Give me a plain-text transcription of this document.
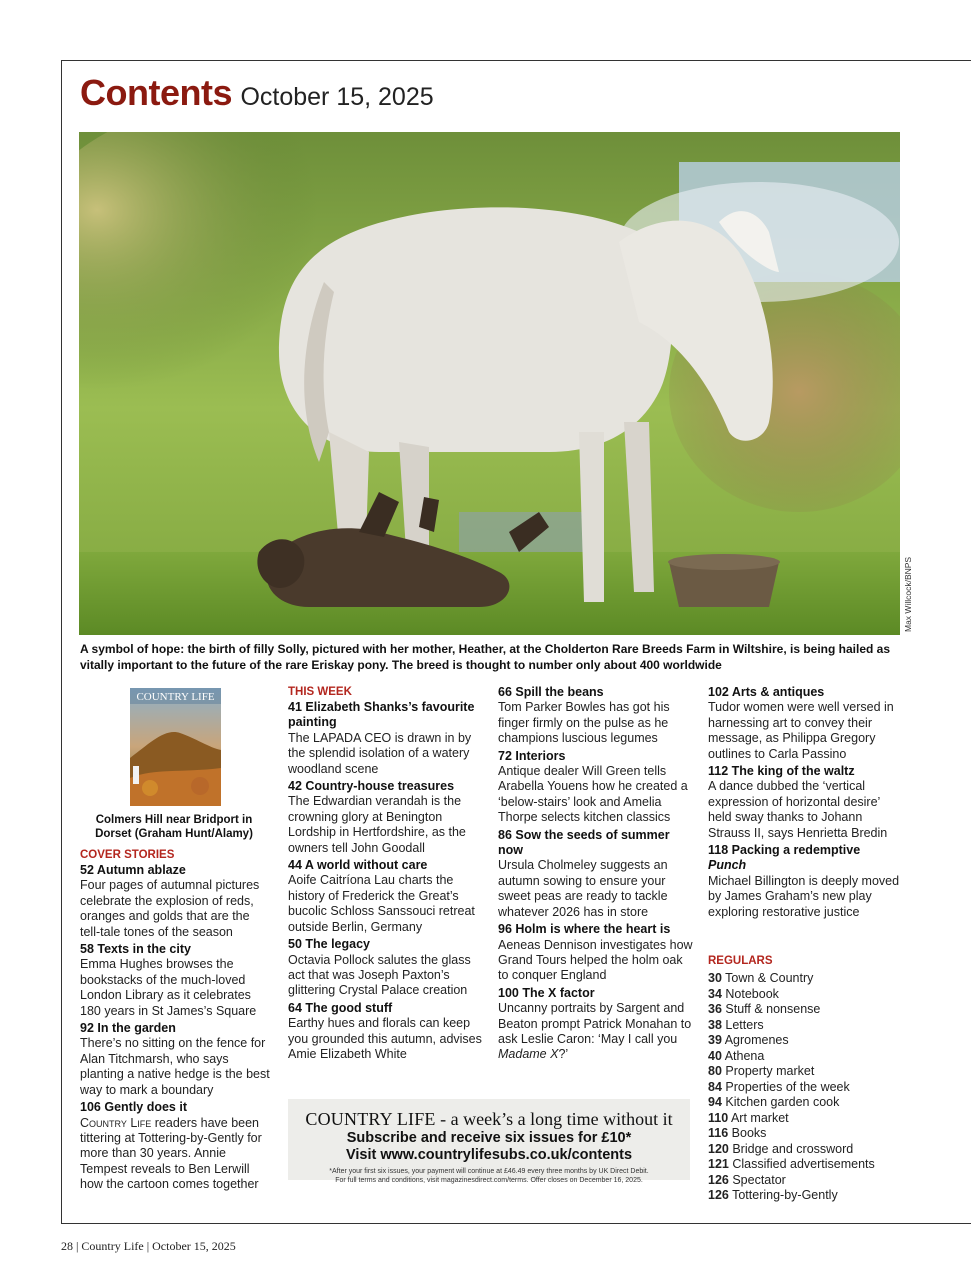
Contents October 15, 2025
Max Willcock/BNPS
A symbol of hope: the birth of filly Solly, pictured with her mother, Heather, at the Cholderton Rare Breeds Farm in Wiltshire, is being hailed as vitally important to the future of the rare Eriskay pony. The breed is thought to number only about 400 worldwide
COUNTRY LIFE
Colmers Hill near Bridport in Dorset (Graham Hunt/Alamy)
COVER STORIES
52 Autumn ablaze

Four pages of autumnal pictures celebrate the explosion of reds, oranges and golds that are the tell-tale tones of the season

58 Texts in the city

Emma Hughes browses the bookstacks of the much-loved London Library as it celebrates 180 years in St James’s Square

92 In the garden

There’s no sitting on the fence for Alan Titchmarsh, who says planting a native hedge is the best way to mark a boundary

106 Gently does it

Country Life readers have been tittering at Tottering-by-Gently for more than 30 years. Annie Tempest reveals to Ben Lerwill how the cartoon comes together

THIS WEEK
41 Elizabeth Shanks’s favourite painting

The LAPADA CEO is drawn in by the splendid isolation of a watery woodland scene

42 Country-house treasures

The Edwardian verandah is the crowning glory at Benington Lordship in Hertfordshire, as the owners tell John Goodall

44 A world without care

Aoife Caitríona Lau charts the history of Frederick the Great’s bucolic Schloss Sanssouci retreat outside Berlin, Germany

50 The legacy

Octavia Pollock salutes the glass act that was Joseph Paxton’s glittering Crystal Palace creation

64 The good stuff

Earthy hues and florals can keep you grounded this autumn, advises Amie Elizabeth White

66 Spill the beans

Tom Parker Bowles has got his finger firmly on the pulse as he champions luscious legumes

72 Interiors

Antique dealer Will Green tells Arabella Youens how he created a ‘below-stairs’ look and Amelia Thorpe selects kitchen classics

86 Sow the seeds of summer now

Ursula Cholmeley suggests an autumn sowing to ensure your sweet peas are ready to tackle whatever 2026 has in store

96 Holm is where the heart is

Aeneas Dennison investigates how Grand Tours helped the holm oak to conquer England

100 The X factor

Uncanny portraits by Sargent and Beaton prompt Patrick Monahan to ask Leslie Caron: ‘May I call you Madame X?’

102 Arts & antiques

Tudor women were well versed in harnessing art to convey their message, as Philippa Gregory outlines to Carla Passino

112 The king of the waltz

A dance dubbed the ‘vertical expression of horizontal desire’ held sway thanks to Johann Strauss II, says Henrietta Bredin

118 Packing a redemptive
Punch

Michael Billington is deeply moved by James Graham’s new play exploring restorative justice

REGULARS
30 Town & Country
34 Notebook
36 Stuff & nonsense
38 Letters
39 Agromenes
40 Athena
80 Property market
84 Properties of the week
94 Kitchen garden cook
110 Art market
116 Books
120 Bridge and crossword
121 Classified advertisements
126 Spectator
126 Tottering-by-Gently
COUNTRY LIFE - a week’s a long time without it
Subscribe and receive six issues for £10*
Visit www.countrylifesubs.co.uk/contents
*After your first six issues, your payment will continue at £46.49 every three months by UK Direct Debit.
For full terms and conditions, visit magazinesdirect.com/terms. Offer closes on December 16, 2025.
28 | Country Life | October 15, 2025
